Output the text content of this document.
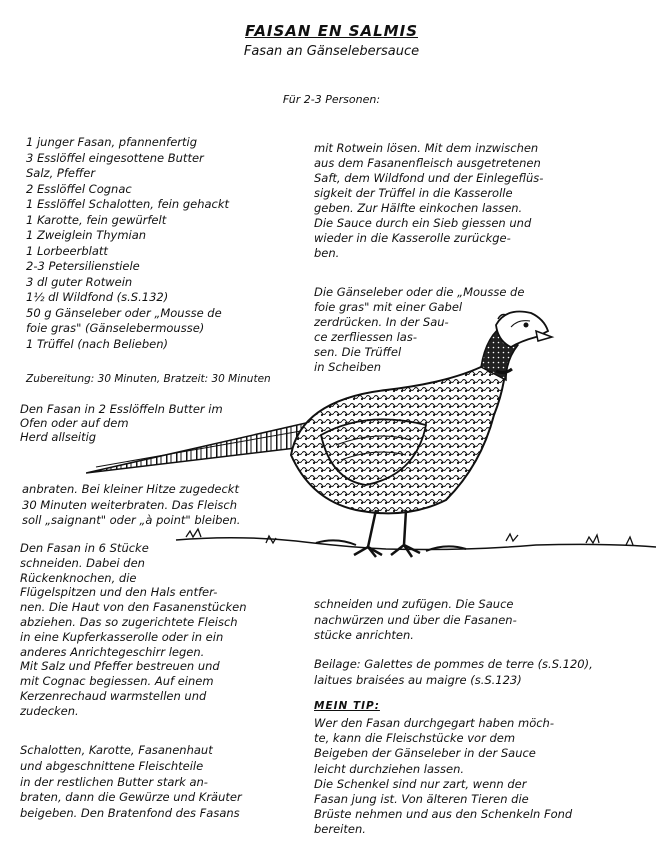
FAISAN EN SALMIS
Fasan an Gänselebersauce
Für 2-3 Personen:
1 junger Fasan, pfannenfertig
3 Esslöffel eingesottene Butter
Salz, Pfeffer
2 Esslöffel Cognac
1 Esslöffel Schalotten, fein gehackt
1 Karotte, fein gewürfelt
1 Zweiglein Thymian
1 Lorbeerblatt
2-3 Petersilienstiele
3 dl guter Rotwein
1½ dl Wildfond (s.S.132)
50 g Gänseleber oder „Mousse de
foie gras" (Gänselebermousse)
1 Trüffel (nach Belieben)
Zubereitung: 30 Minuten, Bratzeit: 30 Minuten
Den Fasan in 2 Esslöffeln Butter im
Ofen oder auf dem
Herd allseitig
anbraten. Bei kleiner Hitze zugedeckt
30 Minuten weiterbraten. Das Fleisch
soll „saignant" oder „à point" bleiben.
Den Fasan in 6 Stücke
schneiden. Dabei den
Rückenknochen, die
Flügelspitzen und den Hals entfer-
nen. Die Haut von den Fasanenstücken
abziehen. Das so zugerichtete Fleisch
in eine Kupferkasserolle oder in ein
anderes Anrichtegeschirr legen.
Mit Salz und Pfeffer bestreuen und
mit Cognac begiessen. Auf einem
Kerzenrechaud warmstellen und
zudecken.
Schalotten, Karotte, Fasanenhaut
und abgeschnittene Fleischteile
in der restlichen Butter stark an-
braten, dann die Gewürze und Kräuter
beigeben. Den Bratenfond des Fasans
mit Rotwein lösen. Mit dem inzwischen
aus dem Fasanenfleisch ausgetretenen
Saft, dem Wildfond und der Einlegeflüs-
sigkeit der Trüffel in die Kasserolle
geben. Zur Hälfte einkochen lassen.
Die Sauce durch ein Sieb giessen und
wieder in die Kasserolle zurückge-
ben.
Die Gänseleber oder die „Mousse de
foie gras" mit einer Gabel
zerdrücken. In der Sau-
ce zerfliessen las-
sen. Die Trüffel
in Scheiben
schneiden und zufügen. Die Sauce
nachwürzen und über die Fasanen-
stücke anrichten.
Beilage: Galettes de pommes de terre (s.S.120),
laitues braisées au maigre (s.S.123)
MEIN TIP:
Wer den Fasan durchgegart haben möch-
te, kann die Fleischstücke vor dem
Beigeben der Gänseleber in der Sauce
leicht durchziehen lassen.
Die Schenkel sind nur zart, wenn der
Fasan jung ist. Von älteren Tieren die
Brüste nehmen und aus den Schenkeln Fond
bereiten.
